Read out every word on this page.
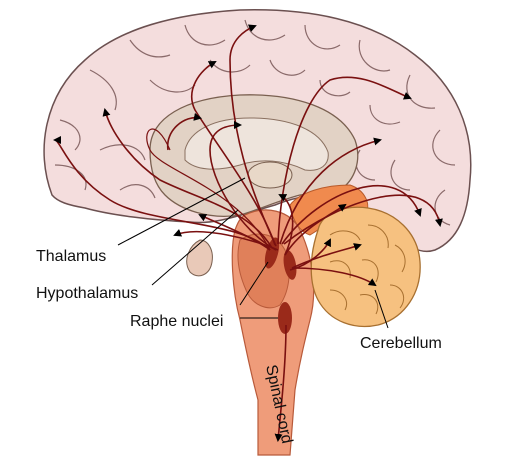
Thalamus
Hypothalamus
Raphe nuclei
Cerebellum
Spinal cord
